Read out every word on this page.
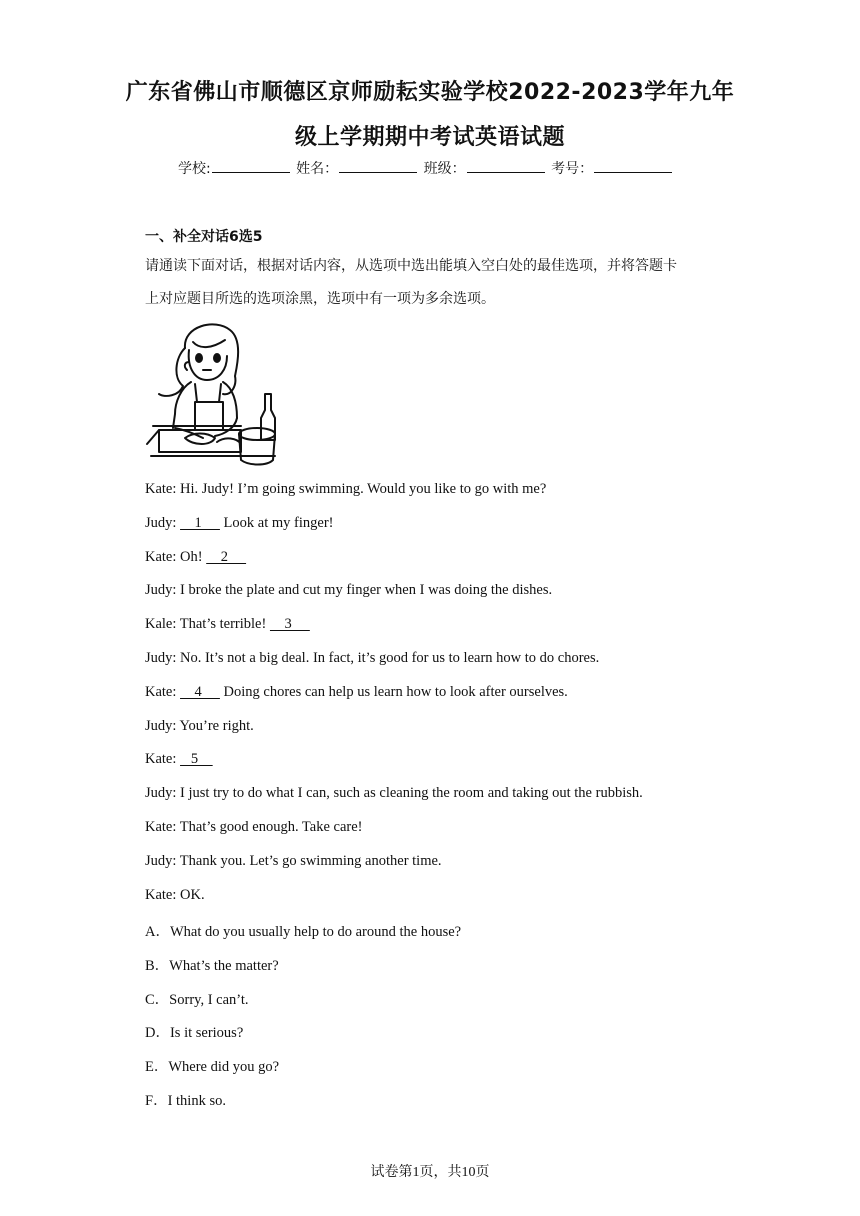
广东省佛山市顺德区京师励耘实验学校2022-2023学年九年
级上学期期中考试英语试题
学校:	姓名：	班级：	考号：
一、补全对话6选5
请通读下面对话，根据对话内容，从选项中选出能填入空白处的最佳选项，并将答题卡
上对应题目所选的选项涂黑，选项中有一项为多余选项。
Kate: Hi. Judy! I’m going swimming. Would you like to go with me?
Judy:     1      Look at my finger!
Kate: Oh!     2
Judy: I broke the plate and cut my finger when I was doing the dishes.
Kale: That’s terrible!     3
Judy: No. It’s not a big deal. In fact, it’s good for us to learn how to do chores.
Kate:     4      Doing chores can help us learn how to look after ourselves.
Judy: You’re right.
Kate:    5
Judy: I just try to do what I can, such as cleaning the room and taking out the rubbish.
Kate: That’s good enough. Take care!
Judy: Thank you. Let’s go swimming another time.
Kate: OK.
A．What do you usually help to do around the house?
B．What’s the matter?
C．Sorry, I can’t.
D．Is it serious?
E．Where did you go?
F．I think so.
试卷第1页，共10页
